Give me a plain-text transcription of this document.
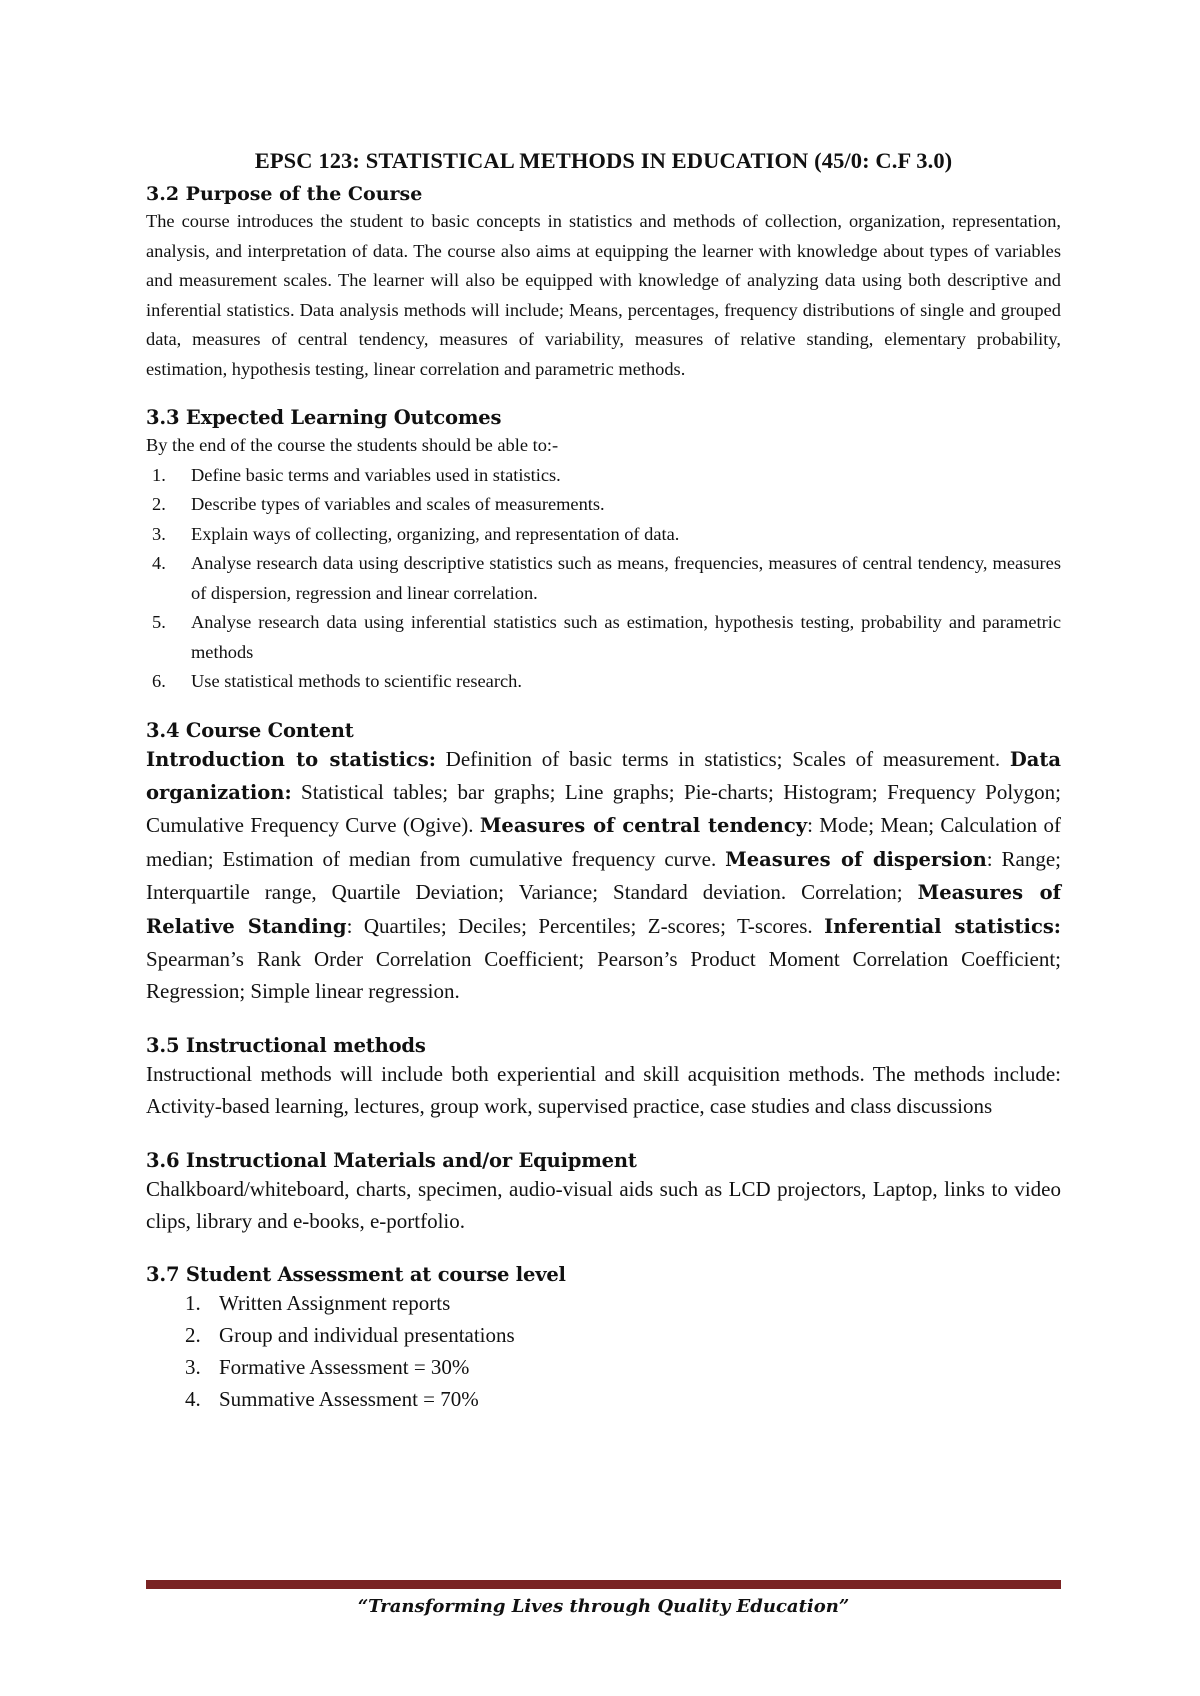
EPSC 123: STATISTICAL METHODS IN EDUCATION (45/0: C.F 3.0)
3.2 Purpose of the Course

The course introduces the student to basic concepts in statistics and methods of collection, organization, representation, analysis, and interpretation of data. The course also aims at equipping the learner with knowledge about types of variables and measurement scales. The learner will also be equipped with knowledge of analyzing data using both descriptive and inferential statistics. Data analysis methods will include; Means, percentages, frequency distributions of single and grouped data, measures of central tendency, measures of variability, measures of relative standing, elementary probability, estimation, hypothesis testing, linear correlation and parametric methods.

3.3 Expected Learning Outcomes

By the end of the course the students should be able to:-

1. Define basic terms and variables used in statistics.
2. Describe types of variables and scales of measurements.
3. Explain ways of collecting, organizing, and representation of data.
4. Analyse research data using descriptive statistics such as means, frequencies, measures of central tendency, measures of dispersion, regression and linear correlation.
5. Analyse research data using inferential statistics such as estimation, hypothesis testing, probability and parametric methods
6. Use statistical methods to scientific research.
3.4 Course Content

Introduction to statistics: Definition of basic terms in statistics; Scales of measurement. Data organization: Statistical tables; bar graphs; Line graphs; Pie-charts; Histogram; Frequency Polygon; Cumulative Frequency Curve (Ogive). Measures of central tendency: Mode; Mean; Calculation of median; Estimation of median from cumulative frequency curve. Measures of dispersion: Range; Interquartile range, Quartile Deviation; Variance; Standard deviation. Correlation; Measures of Relative Standing: Quartiles; Deciles; Percentiles; Z-scores; T-scores. Inferential statistics: Spearman’s Rank Order Correlation Coefficient; Pearson’s Product Moment Correlation Coefficient; Regression; Simple linear regression.

3.5 Instructional methods

Instructional methods will include both experiential and skill acquisition methods. The methods include: Activity-based learning, lectures, group work, supervised practice, case studies and class discussions

3.6 Instructional Materials and/or Equipment

Chalkboard/whiteboard, charts, specimen, audio-visual aids such as LCD projectors, Laptop, links to video clips, library and e-books, e-portfolio.

3.7 Student Assessment at course level
1. Written Assignment reports
2. Group and individual presentations
3. Formative Assessment = 30%
4. Summative Assessment = 70%
“Transforming Lives through Quality Education”
